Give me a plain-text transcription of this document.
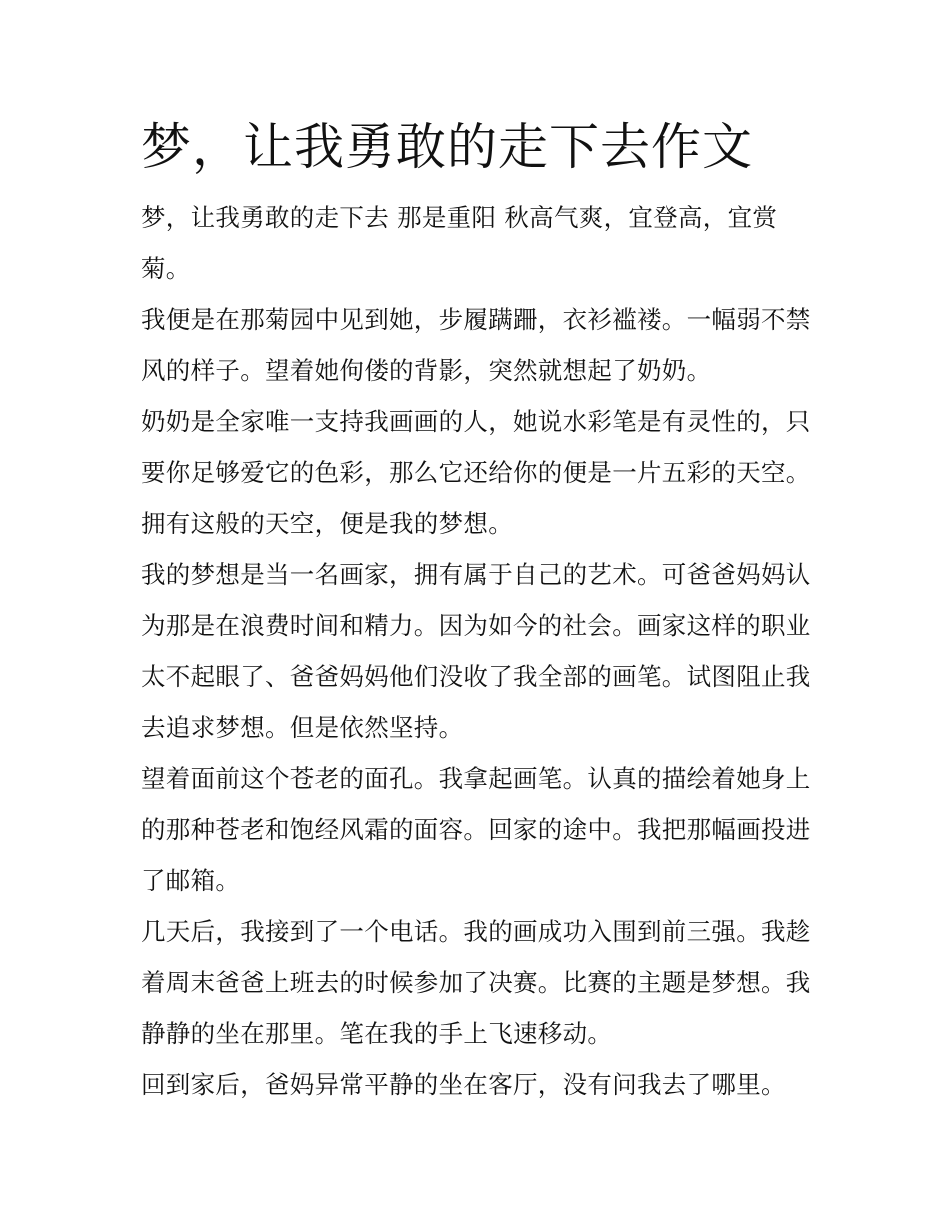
梦，让我勇敢的走下去作文

梦，让我勇敢的走下去 那是重阳 秋高气爽，宜登高，宜赏菊。

我便是在那菊园中见到她，步履蹒跚，衣衫褴褛。一幅弱不禁风的样子。望着她佝偻的背影，突然就想起了奶奶。

奶奶是全家唯一支持我画画的人，她说水彩笔是有灵性的，只要你足够爱它的色彩，那么它还给你的便是一片五彩的天空。拥有这般的天空，便是我的梦想。

我的梦想是当一名画家，拥有属于自己的艺术。可爸爸妈妈认为那是在浪费时间和精力。因为如今的社会。画家这样的职业太不起眼了、爸爸妈妈他们没收了我全部的画笔。试图阻止我去追求梦想。但是依然坚持。

望着面前这个苍老的面孔。我拿起画笔。认真的描绘着她身上的那种苍老和饱经风霜的面容。回家的途中。我把那幅画投进了邮箱。

几天后，我接到了一个电话。我的画成功入围到前三强。我趁着周末爸爸上班去的时候参加了决赛。比赛的主题是梦想。我静静的坐在那里。笔在我的手上飞速移动。

回到家后，爸妈异常平静的坐在客厅，没有问我去了哪里。
